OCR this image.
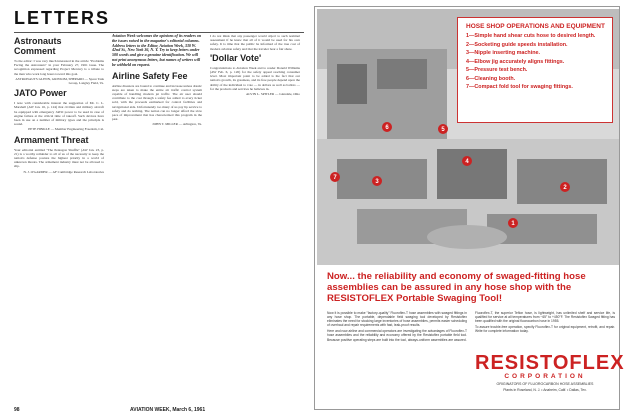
LETTERS
Astronauts Comment
To the editor: I was very much interested in the article "Problems Facing the Astronauts" in your February 27, 1961 issue. The recognition expressed regarding Project Mercury is a tribute to the men who work long hours toward this goal.
ASTRONAUTS GLENN, GRISSOM, SHEPARD — Space Task Group, Langley Field, Va.
JATO Power
I note with considerable interest the suggestion of Mr. C. L. Marshall (AW Jan. 16, p. 124) that civilian and military aircraft be equipped with emergency JATO power to be used in case of engine failure at the critical time of takeoff. Such devices have been in use on a number of military types and the principle is sound.
PETE HINKLE — Member Engineering Freedom, Cal.
Armament Threat
Your editorial entitled "The Pentagon Shuffle" (AW Jan. 23, p. 21) is a worthy reminder to all of us of the necessity to keep the nation's defense posture the highest priority in a world of unknown threats. The armament industry must not be allowed to slip.
N. J. O'GARDER — AF Cambridge Research Laboratories
Aviation Week welcomes the opinions of its readers on the issues raised in the magazine's editorial columns. Address letters to the Editor, Aviation Week, 330 W. 42nd St., New York 36, N. Y. Try to keep letters under 500 words and give a genuine identification. We will not print anonymous letters, but names of writers will be withheld on request.
Airline Safety Fee
Airline disasters are bound to continue and increase unless drastic steps are taken to make the entire air traffic control system capable of handling modern jet traffic. The air user should contribute to the cost through a safety fee added to every ticket sold, with the proceeds earmarked for control facilities and navigational aids. Unfortunately too many of us pay lip service to safety and do nothing. The nation can no longer afford the slow pace of improvement that has characterized this program in the past.
JOHN T. MILLER — Arlington, Va.
I do not think that any passenger would object to such nominal assessment if he knew that all of it would be used for his own safety. It is time that the public be informed of the true cost of modern aviation safety and that the traveler bear a fair share.
'Dollar Vote'
Congratulations to Aviation Week and to reader Donald Williams (AW Feb. 6, p. 126) for the safety appeal reaching consumer level. Most important point to be added is the fact that our nation's growth, its greatness, and its free people depend upon the ability of the individual to vote — in dollars as well as ballots — for the products and services he believes in.
ALVIN L. SPITLER — Glendale, Ohio
98	AVIATION WEEK, March 6, 1961
6	5
4
3
2
1
7
HOSE SHOP OPERATIONS AND EQUIPMENT
1—Simple hand shear cuts hose to desired length.
2—Socketing guide speeds installation.
3—Nipple inserting machine.
4—Elbow jig accurately aligns fittings.
5—Pressure test bench.
6—Cleaning booth.
7—Compact fold tool for swaging fittings.
Now... the reliability and economy of swaged-fitting hose assemblies can be assured in any hose shop with the RESISTOFLEX Portable Swaging Tool!
Now it is possible to make "factory-quality" Fluoroflex-T hose assemblies with swaged fittings in any hose shop. The portable, dependable field swaging tool developed by Resistoflex eliminates the need for stocking large inventories of hose assemblies, permits easier scheduling of overhaul and repair requirements with fast, leak-proof results.
Here and now airline and commercial operators are investigating the advantages of Fluoroflex-T hose assemblies and the reliability and economy offered by the Resistoflex portable field tool. Because positive operating steps are built into the tool, always-uniform assemblies are assured.
Fluoroflex-T, the superior Teflon hose, is lightweight, has unlimited shelf and service life, is qualified for service at all temperatures from −65° to +450°F. The Resistoflex Swaged fitting has been qualified with the original fluorocarbon hose in 1955.
To assure trouble-free operation, specify Fluoroflex-T for original equipment, retrofit, and repair. Write for complete information today.
RESISTOFLEX
CORPORATION
ORIGINATORS OF FLUOROCARBON HOSE ASSEMBLIES
Plants in Roseland, N. J. • Anaheim, Calif. • Dallas, Tex.
